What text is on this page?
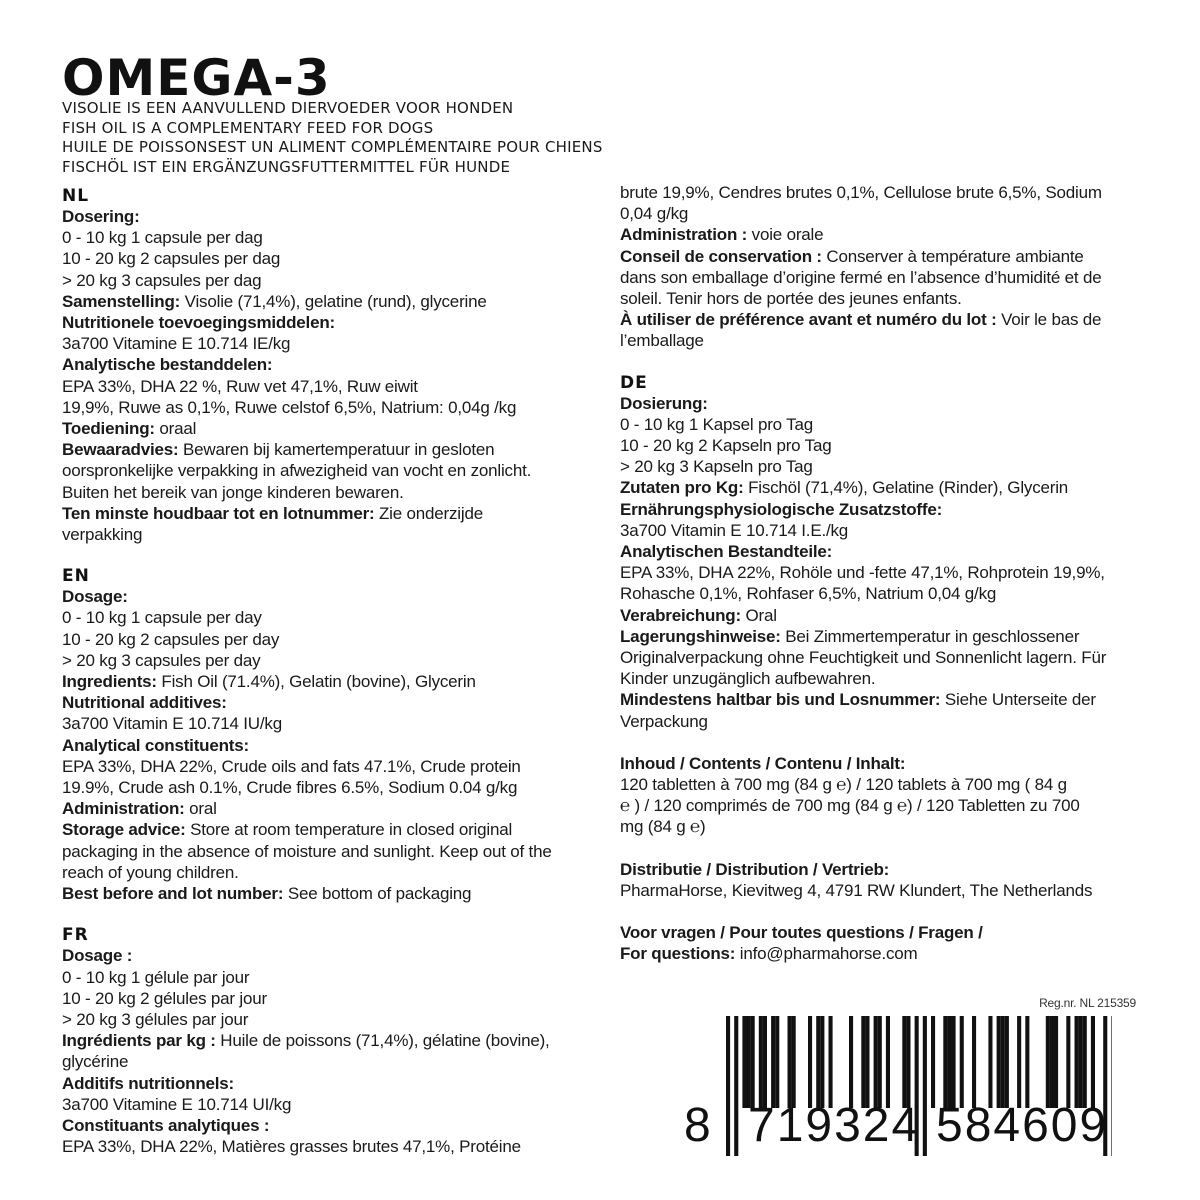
OMEGA-3
VISOLIE IS EEN AANVULLEND DIERVOEDER VOOR HONDEN
FISH OIL IS A COMPLEMENTARY FEED FOR DOGS
HUILE DE POISSONSEST UN ALIMENT COMPLÉMENTAIRE POUR CHIENS
FISCHÖL IST EIN ERGÄNZUNGSFUTTERMITTEL FÜR HUNDE
NL
Dosering:
0 - 10 kg 1 capsule per dag
10 - 20 kg 2 capsules per dag
> 20 kg 3 capsules per dag
Samenstelling: Visolie (71,4%), gelatine (rund), glycerine
Nutritionele toevoegingsmiddelen:
3a700 Vitamine E 10.714 IE/kg
Analytische bestanddelen:
EPA 33%, DHA 22 %, Ruw vet 47,1%, Ruw eiwit
19,9%, Ruwe as 0,1%, Ruwe celstof 6,5%, Natrium: 0,04g /kg
Toediening: oraal
Bewaaradvies: Bewaren bij kamertemperatuur in gesloten
oorspronkelijke verpakking in afwezigheid van vocht en zonlicht.
Buiten het bereik van jonge kinderen bewaren.
Ten minste houdbaar tot en lotnummer: Zie onderzijde
verpakking
EN
Dosage:
0 - 10 kg 1 capsule per day
10 - 20 kg 2 capsules per day
> 20 kg 3 capsules per day
Ingredients: Fish Oil (71.4%), Gelatin (bovine), Glycerin
Nutritional additives:
3a700 Vitamin E 10.714 IU/kg
Analytical constituents:
EPA 33%, DHA 22%, Crude oils and fats 47.1%, Crude protein
19.9%, Crude ash 0.1%, Crude fibres 6.5%, Sodium 0.04 g/kg
Administration: oral
Storage advice: Store at room temperature in closed original
packaging in the absence of moisture and sunlight. Keep out of the
reach of young children.
Best before and lot number: See bottom of packaging
FR
Dosage :
0 - 10 kg 1 gélule par jour
10 - 20 kg 2 gélules par jour
> 20 kg 3 gélules par jour
Ingrédients par kg : Huile de poissons (71,4%), gélatine (bovine),
glycérine
Additifs nutritionnels:
3a700 Vitamine E 10.714 UI/kg
Constituants analytiques :
EPA 33%, DHA 22%, Matières grasses brutes 47,1%, Protéine
brute 19,9%, Cendres brutes 0,1%, Cellulose brute 6,5%, Sodium
0,04 g/kg
Administration : voie orale
Conseil de conservation : Conserver à température ambiante
dans son emballage d’origine fermé en l’absence d’humidité et de
soleil. Tenir hors de portée des jeunes enfants.
À utiliser de préférence avant et numéro du lot : Voir le bas de
l’emballage
DE
Dosierung:
0 - 10 kg 1 Kapsel pro Tag
10 - 20 kg 2 Kapseln pro Tag
> 20 kg 3 Kapseln pro Tag
Zutaten pro Kg: Fischöl (71,4%), Gelatine (Rinder), Glycerin
Ernährungsphysiologische Zusatzstoffe:
3a700 Vitamin E 10.714 I.E./kg
Analytischen Bestandteile:
EPA 33%, DHA 22%, Rohöle und -fette 47,1%, Rohprotein 19,9%,
Rohasche 0,1%, Rohfaser 6,5%, Natrium 0,04 g/kg
Verabreichung: Oral
Lagerungshinweise: Bei Zimmertemperatur in geschlossener
Originalverpackung ohne Feuchtigkeit und Sonnenlicht lagern. Für
Kinder unzugänglich aufbewahren.
Mindestens haltbar bis und Losnummer: Siehe Unterseite der
Verpackung
Inhoud / Contents / Contenu / Inhalt:
120 tabletten à 700 mg (84 g ℮) / 120 tablets à 700 mg ( 84 g
℮ ) / 120 comprimés de 700 mg (84 g ℮) / 120 Tabletten zu 700
mg (84 g ℮)
Distributie / Distribution / Vertrieb:
PharmaHorse, Kievitweg 4, 4791 RW Klundert, The Netherlands
Voor vragen / Pour toutes questions / Fragen /
For questions: info@pharmahorse.com
Reg.nr. NL 215359
8 719324 584609
